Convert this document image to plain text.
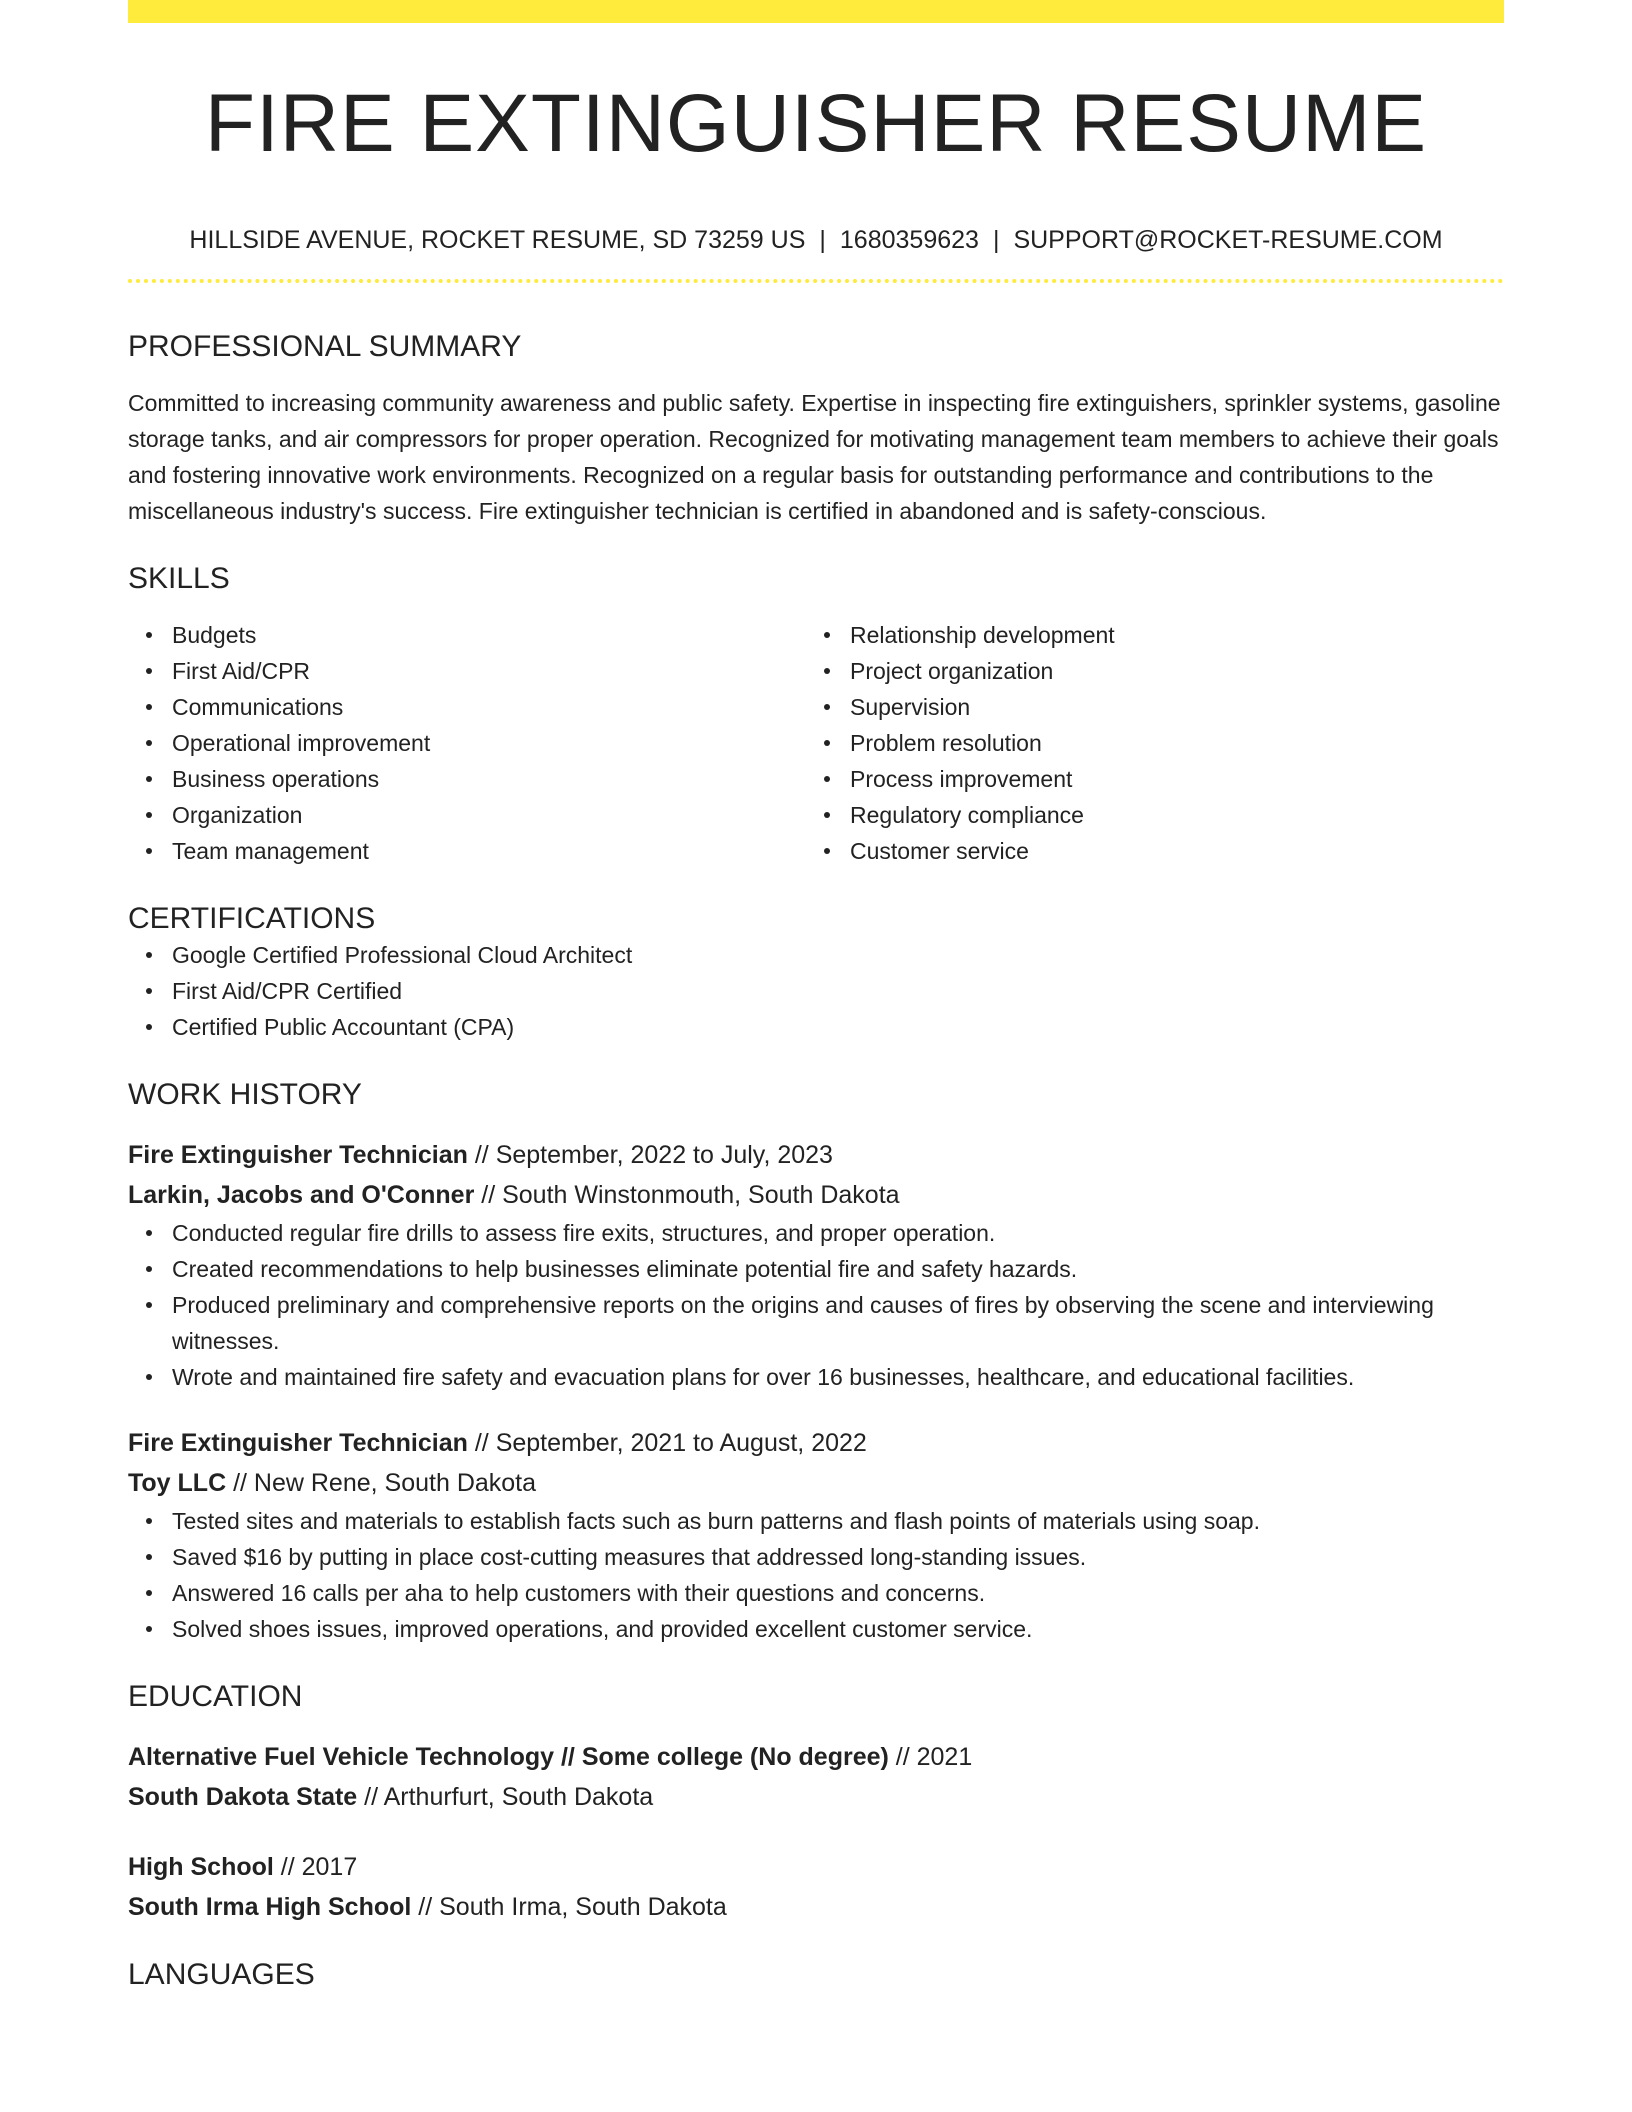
FIRE EXTINGUISHER RESUME
HILLSIDE AVENUE, ROCKET RESUME, SD 73259 US | 1680359623 | SUPPORT@ROCKET-RESUME.COM
PROFESSIONAL SUMMARY
Committed to increasing community awareness and public safety. Expertise in inspecting fire extinguishers, sprinkler systems, gasoline storage tanks, and air compressors for proper operation. Recognized for motivating management team members to achieve their goals and fostering innovative work environments. Recognized on a regular basis for outstanding performance and contributions to the miscellaneous industry's success. Fire extinguisher technician is certified in abandoned and is safety-conscious.
SKILLS
Budgets
First Aid/CPR
Communications
Operational improvement
Business operations
Organization
Team management
Relationship development
Project organization
Supervision
Problem resolution
Process improvement
Regulatory compliance
Customer service
CERTIFICATIONS
Google Certified Professional Cloud Architect
First Aid/CPR Certified
Certified Public Accountant (CPA)
WORK HISTORY
Fire Extinguisher Technician // September, 2022 to July, 2023
Larkin, Jacobs and O'Conner // South Winstonmouth, South Dakota
Conducted regular fire drills to assess fire exits, structures, and proper operation.
Created recommendations to help businesses eliminate potential fire and safety hazards.
Produced preliminary and comprehensive reports on the origins and causes of fires by observing the scene and interviewing witnesses.
Wrote and maintained fire safety and evacuation plans for over 16 businesses, healthcare, and educational facilities.
Fire Extinguisher Technician // September, 2021 to August, 2022
Toy LLC // New Rene, South Dakota
Tested sites and materials to establish facts such as burn patterns and flash points of materials using soap.
Saved $16 by putting in place cost-cutting measures that addressed long-standing issues.
Answered 16 calls per aha to help customers with their questions and concerns.
Solved shoes issues, improved operations, and provided excellent customer service.
EDUCATION
Alternative Fuel Vehicle Technology // Some college (No degree) // 2021
South Dakota State // Arthurfurt, South Dakota
High School // 2017
South Irma High School // South Irma, South Dakota
LANGUAGES
